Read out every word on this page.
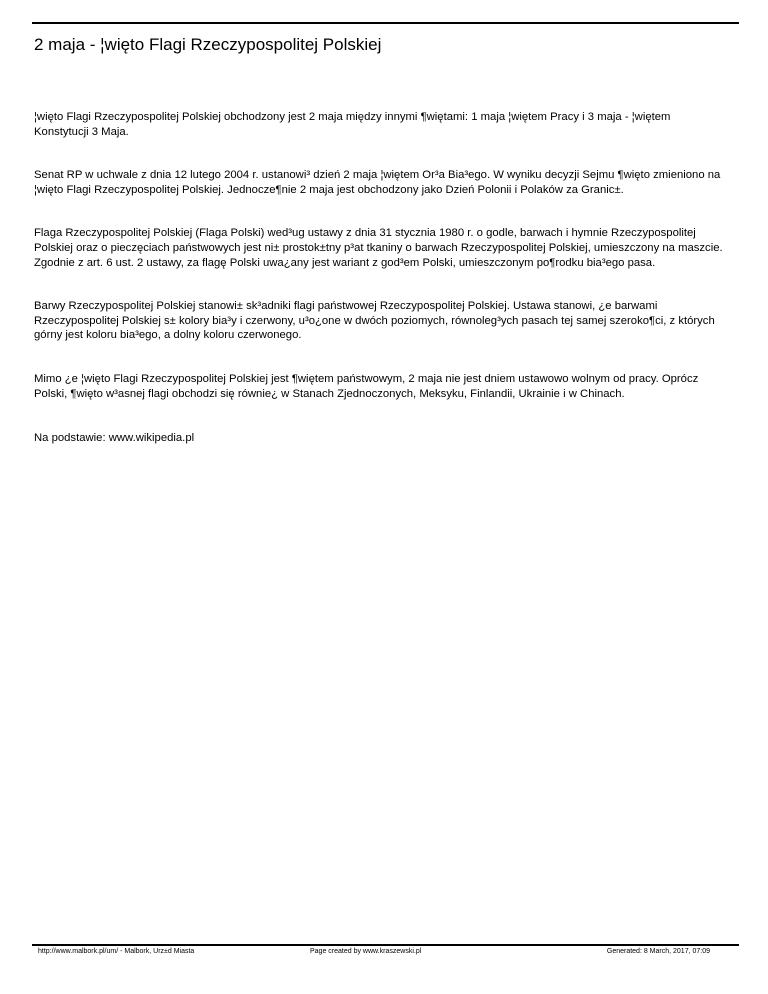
2 maja - ¦więto Flagi Rzeczypospolitej Polskiej

¦więto Flagi Rzeczypospolitej Polskiej obchodzony jest 2 maja między innymi ¶więtami: 1 maja ¦więtem Pracy i 3 maja - ¦więtem Konstytucji 3 Maja.

Senat RP w uchwale z dnia 12 lutego 2004 r. ustanowi³ dzień 2 maja ¦więtem Or³a Bia³ego. W wyniku decyzji Sejmu ¶więto zmieniono na ¦więto Flagi Rzeczypospolitej Polskiej. Jednocze¶nie 2 maja jest obchodzony jako Dzień Polonii i Polaków za Granic±.

Flaga Rzeczypospolitej Polskiej (Flaga Polski) wed³ug ustawy z dnia 31 stycznia 1980 r. o godle, barwach i hymnie Rzeczypospolitej Polskiej oraz o pieczęciach państwowych jest ni± prostok±tny p³at tkaniny o barwach Rzeczypospolitej Polskiej, umieszczony na maszcie. Zgodnie z art. 6 ust. 2 ustawy, za flagę Polski uwa¿any jest wariant z god³em Polski, umieszczonym po¶rodku bia³ego pasa.

Barwy Rzeczypospolitej Polskiej stanowi± sk³adniki flagi państwowej Rzeczypospolitej Polskiej. Ustawa stanowi, ¿e barwami Rzeczypospolitej Polskiej s± kolory bia³y i czerwony, u³o¿one w dwóch poziomych, równoleg³ych pasach tej samej szeroko¶ci, z których górny jest koloru bia³ego, a dolny koloru czerwonego.

Mimo ¿e ¦więto Flagi Rzeczypospolitej Polskiej jest ¶więtem państwowym, 2 maja nie jest dniem ustawowo wolnym od pracy. Oprócz Polski, ¶więto w³asnej flagi obchodzi się równie¿ w Stanach Zjednoczonych, Meksyku, Finlandii, Ukrainie i w Chinach.

Na podstawie: www.wikipedia.pl

http://www.malbork.pl/um/ - Malbork, Urz±d Miasta	Page created by www.kraszewski.pl	Generated: 8 March, 2017, 07:09
